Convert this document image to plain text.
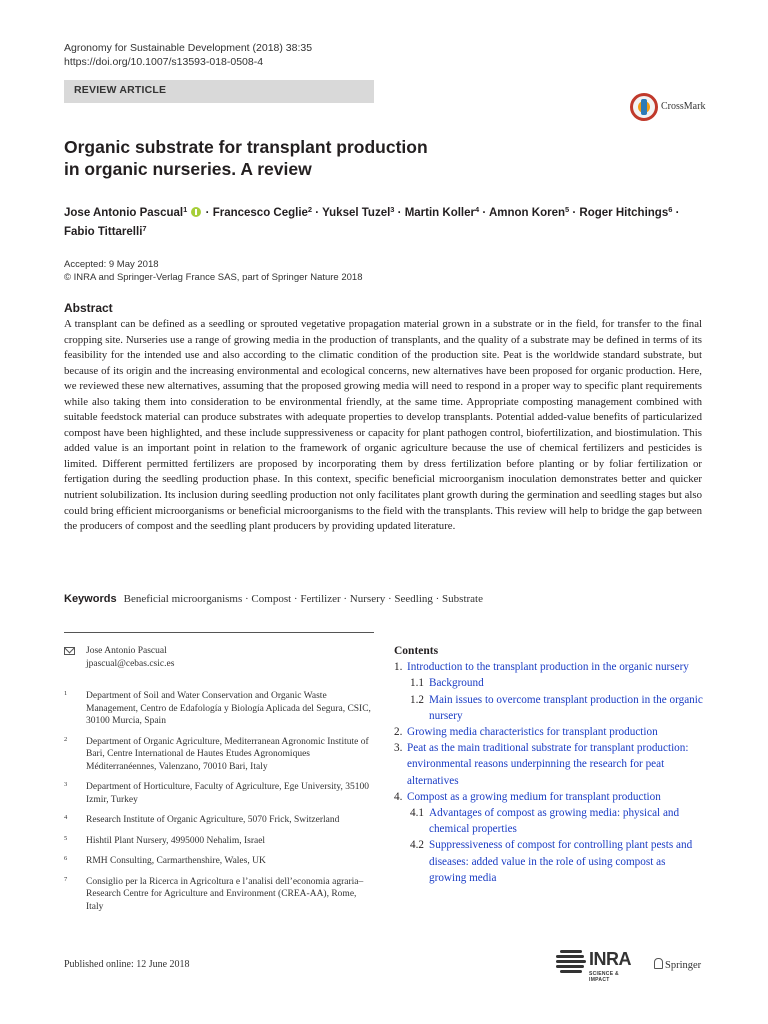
Agronomy for Sustainable Development (2018) 38:35
https://doi.org/10.1007/s13593-018-0508-4
REVIEW ARTICLE
CrossMark
Organic substrate for transplant production
in organic nurseries. A review
Jose Antonio Pascual$^1$  · Francesco Ceglie$^2$ · Yuksel Tuzel$^3$ · Martin Koller$^4$ · Amnon Koren$^5$ · Roger Hitchings$^6$ ·
Fabio Tittarelli$^7$
Accepted: 9 May 2018
© INRA and Springer-Verlag France SAS, part of Springer Nature 2018
Abstract
A transplant can be defined as a seedling or sprouted vegetative propagation material grown in a substrate or in the field, for transfer to the final cropping site. Nurseries use a range of growing media in the production of transplants, and the quality of a substrate may be defined in terms of its feasibility for the intended use and also according to the climatic condition of the production site. Peat is the worldwide standard substrate, but because of its origin and the increasing environmental and ecological concerns, new alternatives have been proposed for organic production. Here, we reviewed these new alternatives, assuming that the proposed growing media will need to respond in a proper way to specific plant requirements while also taking them into consideration to be environmental friendly, at the same time. Appropriate composting management combined with suitable feedstock material can produce substrates with adequate properties to develop transplants. Potential added-value benefits of particularized compost have been highlighted, and these include suppressiveness or capacity for plant pathogen control, biofertilization, and biostimulation. This added value is an important point in relation to the framework of organic agriculture because the use of chemical fertilizers and pesticides is limited. Different permitted fertilizers are proposed by incorporating them by dress fertilization before planting or by foliar fertilization or fertigation during the seedling production phase. In this context, specific beneficial microorganism inoculation demonstrates better and quicker nutrient solubilization. Its inclusion during seedling production not only facilitates plant growth during the germination and seedling stages but also could bring efficient microorganisms or beneficial microorganisms to the field with the transplants. This review will help to bridge the gap between the producers of compost and the seedling plant producers by providing updated literature.
Keywords Beneficial microorganisms · Compost · Fertilizer · Nursery · Seedling · Substrate
Jose Antonio Pascual
jpascual@cebas.csic.es
1 Department of Soil and Water Conservation and Organic Waste Management, Centro de Edafología y Biología Aplicada del Segura, CSIC, 30100 Murcia, Spain
2 Department of Organic Agriculture, Mediterranean Agronomic Institute of Bari, Centre International de Hautes Etudes Agronomiques Méditerranéennes, Valenzano, 70010 Bari, Italy
3 Department of Horticulture, Faculty of Agriculture, Ege University, 35100 Izmir, Turkey
4 Research Institute of Organic Agriculture, 5070 Frick, Switzerland
5 Hishtil Plant Nursery, 4995000 Nehalim, Israel
6 RMH Consulting, Carmarthenshire, Wales, UK
7 Consiglio per la Ricerca in Agricoltura e l’analisi dell’economia agraria–Research Centre for Agriculture and Environment (CREA-AA), Rome, Italy
Contents
1. Introduction to the transplant production in the organic nursery
1.1 Background
1.2 Main issues to overcome transplant production in the organic nursery
2. Growing media characteristics for transplant production
3. Peat as the main traditional substrate for transplant production: environmental reasons underpinning the research for peat alternatives
4. Compost as a growing medium for transplant production
4.1 Advantages of compost as growing media: physical and chemical properties
4.2 Suppressiveness of compost for controlling plant pests and diseases: added value in the role of using compost as growing media
Published online: 12 June 2018	INRA
SCIENCE & IMPACT
Springer
